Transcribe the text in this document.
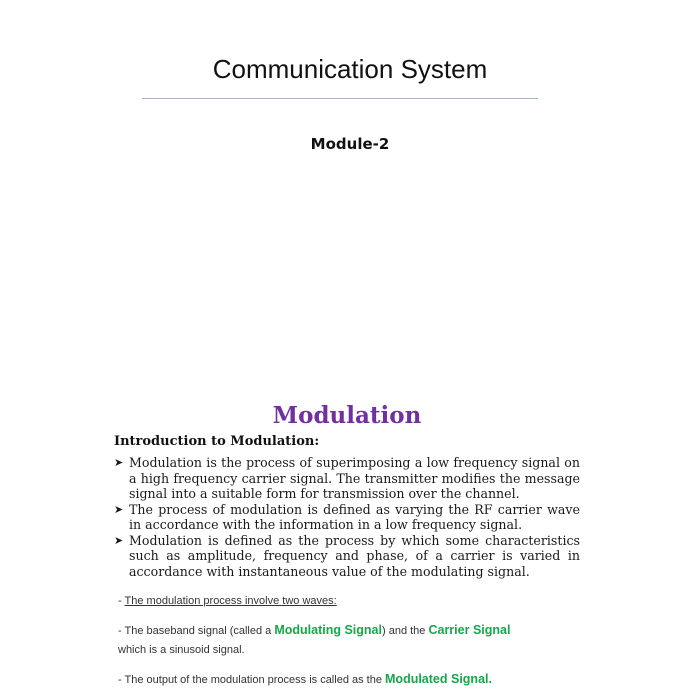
Communication System
Module-2
Modulation
Introduction to Modulation:
➤ Modulation is the process of superimposing a low frequency signal on a high frequency carrier signal. The transmitter modifies the message signal into a suitable form for transmission over the channel.
➤ The process of modulation is defined as varying the RF carrier wave in accordance with the information in a low frequency signal.
➤ Modulation is defined as the process by which some characteristics such as amplitude, frequency and phase, of a carrier is varied in accordance with instantaneous value of the modulating signal.
- The modulation process involve two waves:
- The baseband signal (called a Modulating Signal) and the Carrier Signal
which is a sinusoid signal.
- The output of the modulation process is called as the Modulated Signal.
